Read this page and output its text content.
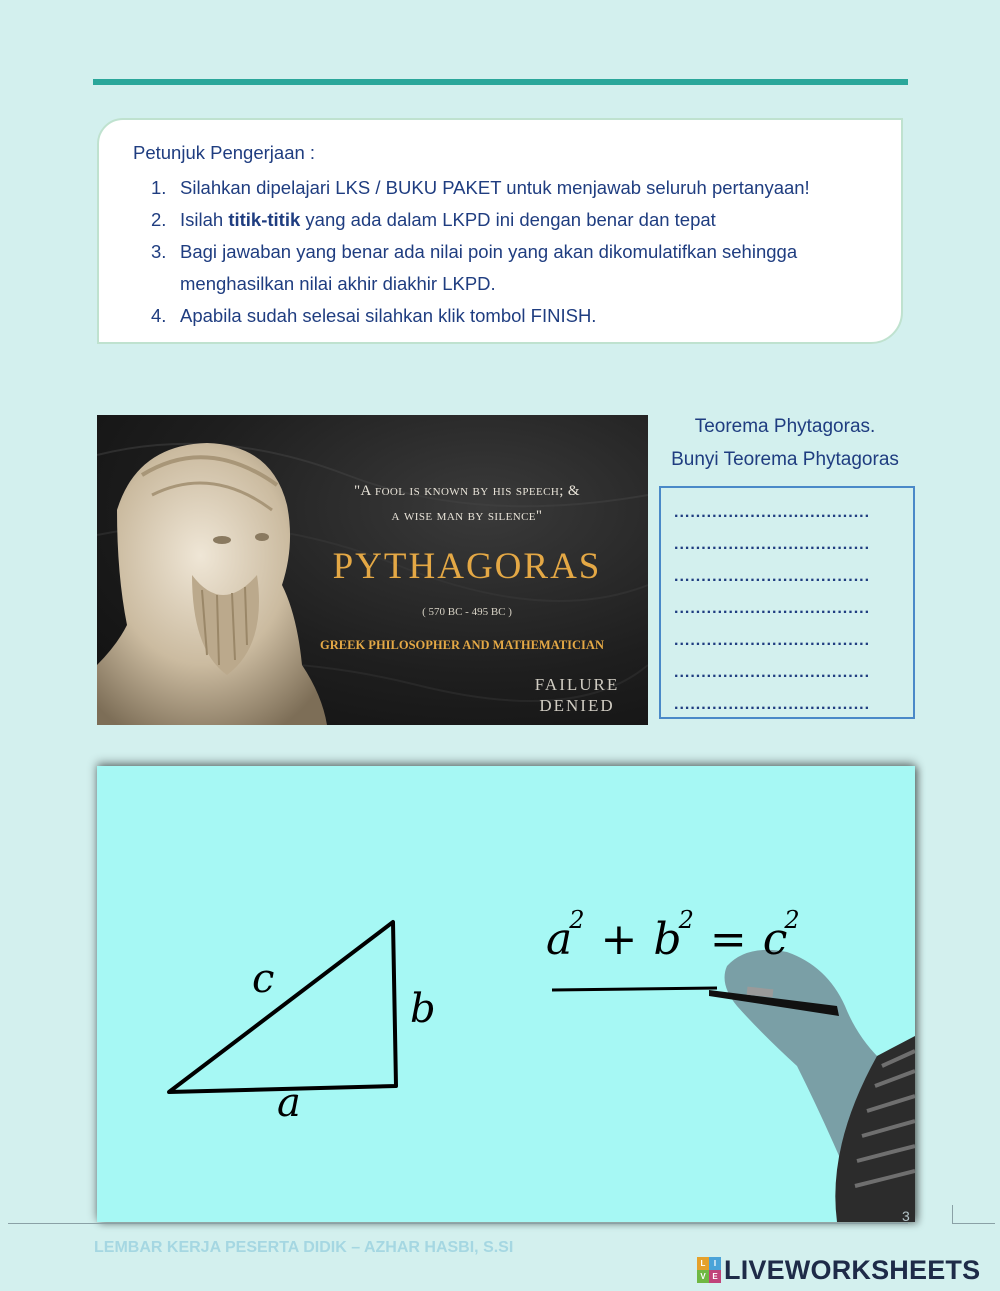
Petunjuk Pengerjaan :
1. Silahkan dipelajari LKS / BUKU PAKET untuk menjawab seluruh pertanyaan!
2. Isilah titik-titik yang ada dalam LKPD ini dengan benar dan tepat
3. Bagi jawaban yang benar ada nilai poin yang akan dikomulatifkan sehingga menghasilkan nilai akhir diakhir LKPD.
4. Apabila sudah selesai silahkan klik tombol FINISH.
"A fool is known by his speech; &
a wise man by silence"
PYTHAGORAS
( 570 BC - 495 BC )
GREEK PHILOSOPHER AND MATHEMATICIAN
FAILURE
DENIED
Teorema Phytagoras.
Bunyi Teorema Phytagoras
....................................
....................................
....................................
....................................
....................................
....................................
....................................
c
b
a
$a^2 + b^2 = c^2$
3
LEMBAR KERJA PESERTA DIDIK – AZHAR HASBI, S.SI
L	I
V E LIVEWORKSHEETS
